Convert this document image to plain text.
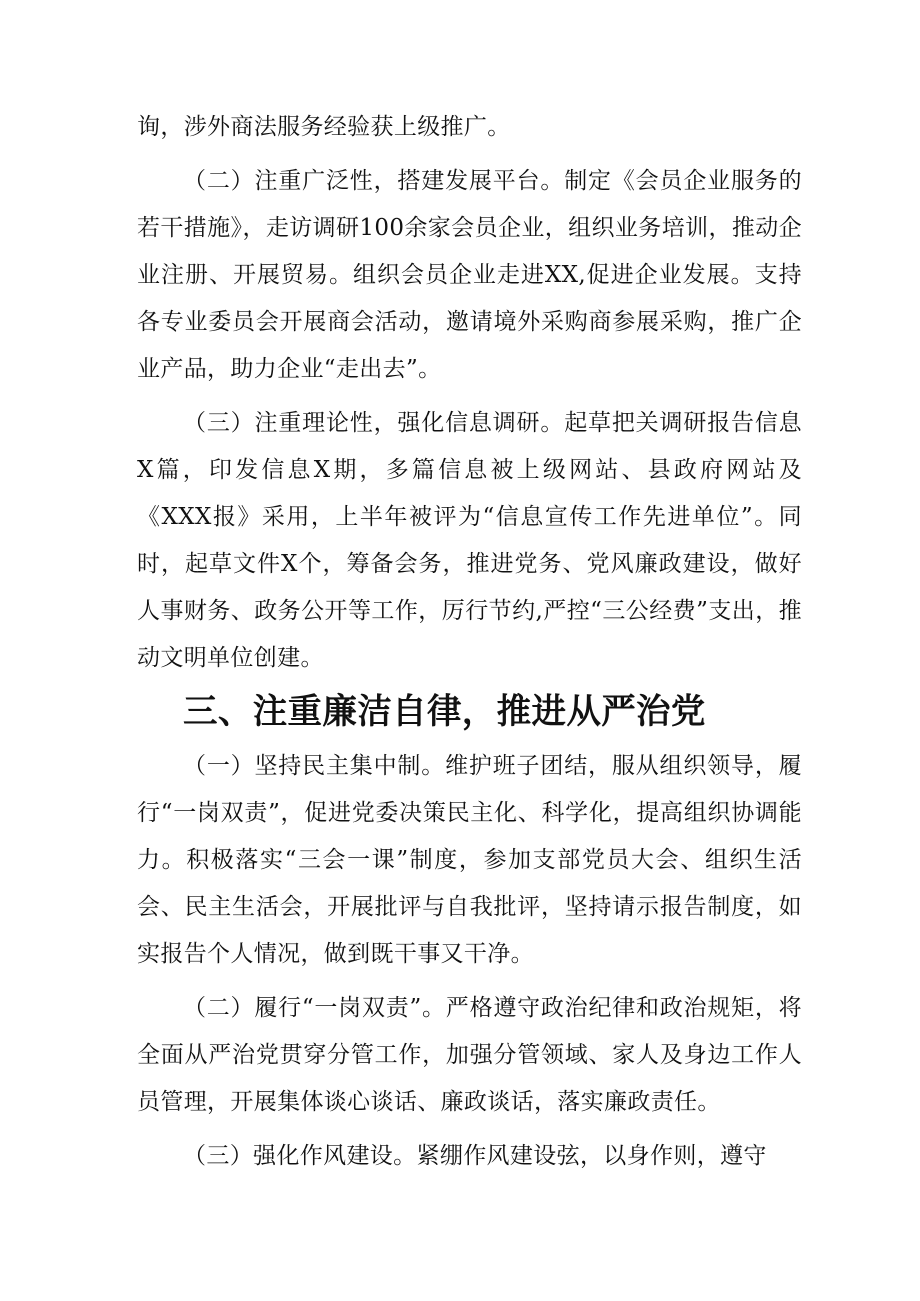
询，涉外商法服务经验获上级推广。

（二）注重广泛性，搭建发展平台。制定《会员企业服务的若干措施》，走访调研100余家会员企业，组织业务培训，推动企业注册、开展贸易。组织会员企业走进XX,促进企业发展。支持各专业委员会开展商会活动，邀请境外采购商参展采购，推广企业产品，助力企业“走出去”。

（三）注重理论性，强化信息调研。起草把关调研报告信息X篇，印发信息X期，多篇信息被上级网站、县政府网站及《XXX报》采用，上半年被评为“信息宣传工作先进单位”。同时，起草文件X个，筹备会务，推进党务、党风廉政建设，做好人事财务、政务公开等工作，厉行节约,严控“三公经费”支出，推动文明单位创建。

三、注重廉洁自律，推进从严治党

（一）坚持民主集中制。维护班子团结，服从组织领导，履行“一岗双责”，促进党委决策民主化、科学化，提高组织协调能力。积极落实“三会一课”制度，参加支部党员大会、组织生活会、民主生活会，开展批评与自我批评，坚持请示报告制度，如实报告个人情况，做到既干事又干净。

（二）履行“一岗双责”。严格遵守政治纪律和政治规矩，将全面从严治党贯穿分管工作，加强分管领域、家人及身边工作人员管理，开展集体谈心谈话、廉政谈话，落实廉政责任。

（三）强化作风建设。紧绷作风建设弦，以身作则，遵守
